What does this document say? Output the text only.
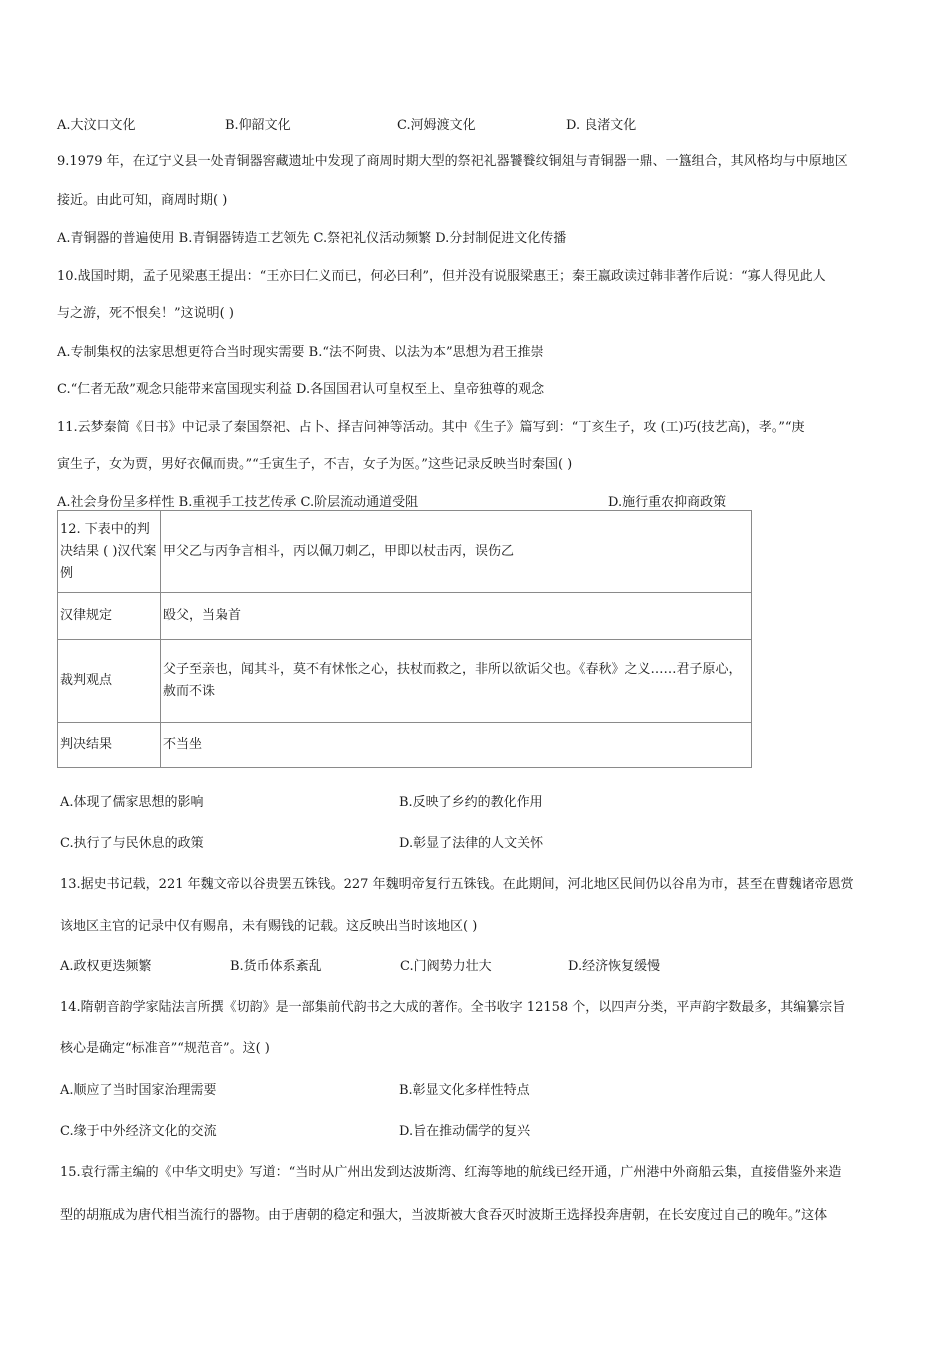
A.大汶口文化	B.仰韶文化	C.河姆渡文化	D. 良渚文化
9.1979 年，在辽宁义县一处青铜器窖藏遗址中发现了商周时期大型的祭祀礼器饕餮纹铜俎与青铜器一鼎、一簋组合，其风格均与中原地区
接近。由此可知，商周时期( )
A.青铜器的普遍使用 B.青铜器铸造工艺领先 C.祭祀礼仪活动频繁 D.分封制促进文化传播
10.战国时期，孟子见梁惠王提出：“王亦曰仁义而已，何必曰利”，但并没有说服梁惠王；秦王嬴政读过韩非著作后说：“寡人得见此人
与之游，死不恨矣！”这说明( )
A.专制集权的法家思想更符合当时现实需要 B.“法不阿贵、以法为本”思想为君王推崇
C.“仁者无敌”观念只能带来富国现实利益 D.各国国君认可皇权至上、皇帝独尊的观念
11.云梦秦简《日书》中记录了秦国祭祀、占卜、择吉问神等活动。其中《生子》篇写到：“丁亥生子，攻 (工)巧(技艺高)，孝。”“庚
寅生子，女为贾，男好衣佩而贵。”“壬寅生子，不吉，女子为医。”这些记录反映当时秦国( )
A.社会身份呈多样性 B.重视手工技艺传承 C.阶层流动通道受阻	D.施行重农抑商政策
12. 下表中的判决结果 ( )汉代案例	甲父乙与丙争言相斗，丙以佩刀刺乙，甲即以杖击丙，误伤乙
汉律规定	殴父，当枭首
裁判观点	父子至亲也，闻其斗，莫不有怵怅之心，扶杖而救之，非所以欲诟父也。《春秋》之义……君子原心，赦而不诛
判决结果	不当坐
A.体现了儒家思想的影响	B.反映了乡约的教化作用
C.执行了与民休息的政策	D.彰显了法律的人文关怀
13.据史书记载，221 年魏文帝以谷贵罢五铢钱。227 年魏明帝复行五铢钱。在此期间，河北地区民间仍以谷帛为市，甚至在曹魏诸帝恩赏
该地区主官的记录中仅有赐帛，未有赐钱的记载。这反映出当时该地区( )
A.政权更迭频繁	B.货币体系紊乱	C.门阀势力壮大	D.经济恢复缓慢
14.隋朝音韵学家陆法言所撰《切韵》是一部集前代韵书之大成的著作。全书收字 12158 个，以四声分类，平声韵字数最多，其编纂宗旨
核心是确定“标准音”“规范音”。这( )
A.顺应了当时国家治理需要	B.彰显文化多样性特点
C.缘于中外经济文化的交流	D.旨在推动儒学的复兴
15.袁行霈主编的《中华文明史》写道：“当时从广州出发到达波斯湾、红海等地的航线已经开通，广州港中外商船云集，直接借鉴外来造
型的胡瓶成为唐代相当流行的器物。由于唐朝的稳定和强大，当波斯被大食吞灭时波斯王选择投奔唐朝，在长安度过自己的晚年。”这体
